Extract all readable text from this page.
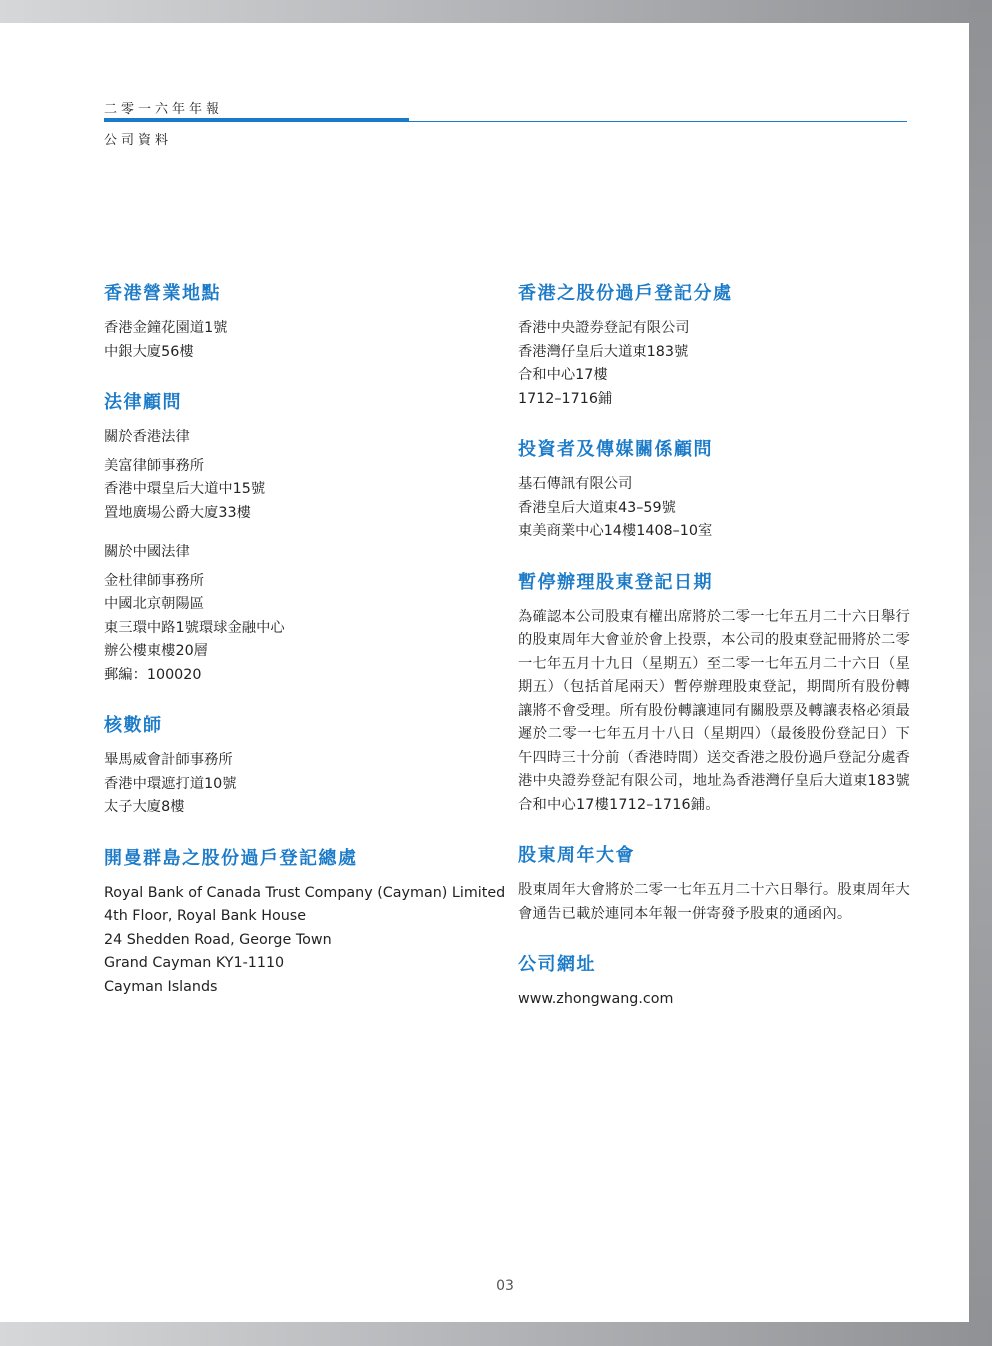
二零一六年年報
公司資料
香港營業地點
香港金鐘花園道1號
中銀大廈56樓
法律顧問
關於香港法律
美富律師事務所
香港中環皇后大道中15號
置地廣場公爵大廈33樓
關於中國法律
金杜律師事務所
中國北京朝陽區
東三環中路1號環球金融中心
辦公樓東樓20層
郵編：100020
核數師
畢馬威會計師事務所
香港中環遮打道10號
太子大廈8樓
開曼群島之股份過戶登記總處
Royal Bank of Canada Trust Company (Cayman) Limited
4th Floor, Royal Bank House
24 Shedden Road, George Town
Grand Cayman KY1-1110
Cayman Islands
香港之股份過戶登記分處
香港中央證券登記有限公司
香港灣仔皇后大道東183號
合和中心17樓
1712–1716鋪
投資者及傳媒關係顧問
基石傳訊有限公司
香港皇后大道東43–59號
東美商業中心14樓1408–10室
暫停辦理股東登記日期
為確認本公司股東有權出席將於二零一七年五月二十六日舉行的股東周年大會並於會上投票，本公司的股東登記冊將於二零一七年五月十九日（星期五）至二零一七年五月二十六日（星期五）（包括首尾兩天）暫停辦理股東登記，期間所有股份轉讓將不會受理。所有股份轉讓連同有關股票及轉讓表格必須最遲於二零一七年五月十八日（星期四）（最後股份登記日）下午四時三十分前（香港時間）送交香港之股份過戶登記分處香港中央證券登記有限公司，地址為香港灣仔皇后大道東183號合和中心17樓1712–1716鋪。
股東周年大會
股東周年大會將於二零一七年五月二十六日舉行。股東周年大會通告已載於連同本年報一併寄發予股東的通函內。
公司網址
www.zhongwang.com
03
